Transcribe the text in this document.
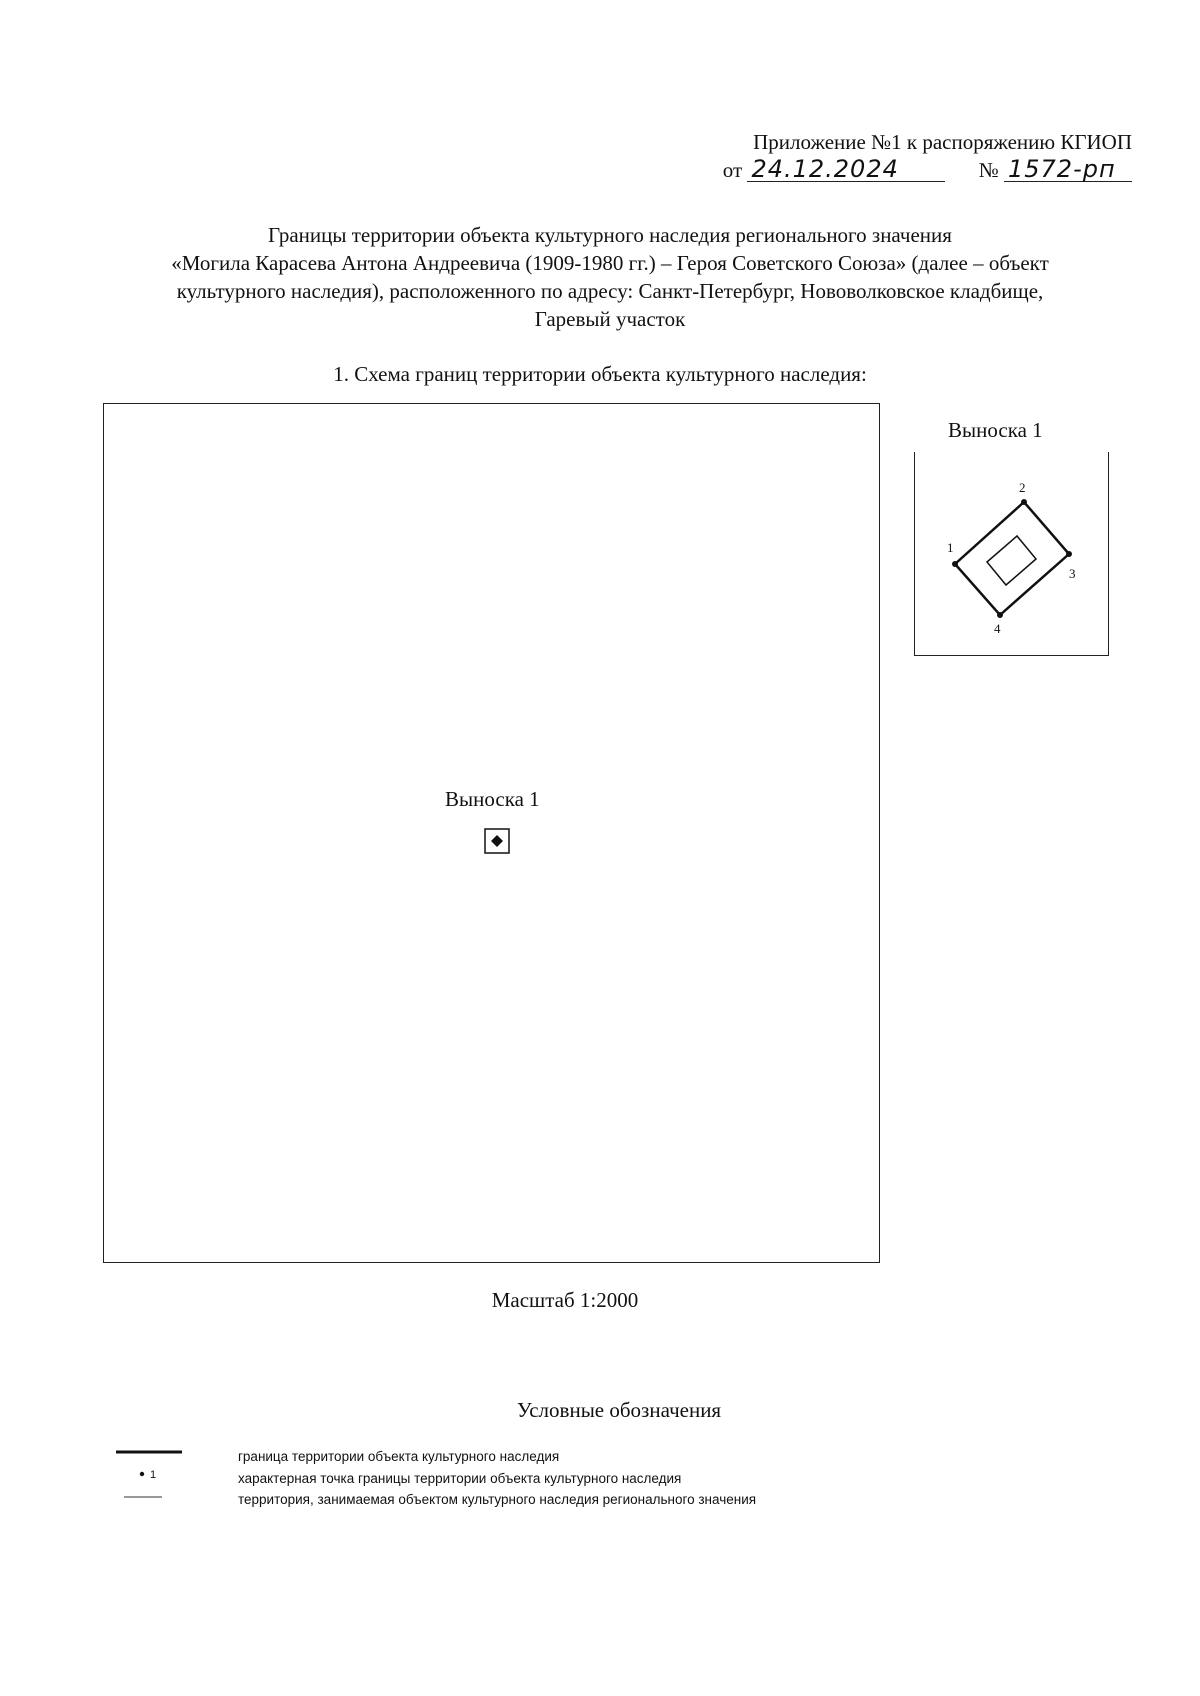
Приложение №1 к распоряжению КГИОП
от 24.12.2024	№ 1572-рп
Границы территории объекта культурного наследия регионального значения
«Могила Карасева Антона Андреевича (1909-1980 гг.) – Героя Советского Союза» (далее – объект
культурного наследия), расположенного по адресу: Санкт-Петербург, Нововолковское кладбище,
Гаревый участок
1. Схема границ территории объекта культурного наследия:
Выноска 1
Выноска 1
1
2
3
4
Масштаб 1:2000
Условные обозначения
1
граница территории объекта культурного наследия
характерная точка границы территории объекта культурного наследия
территория, занимаемая объектом культурного наследия регионального значения
